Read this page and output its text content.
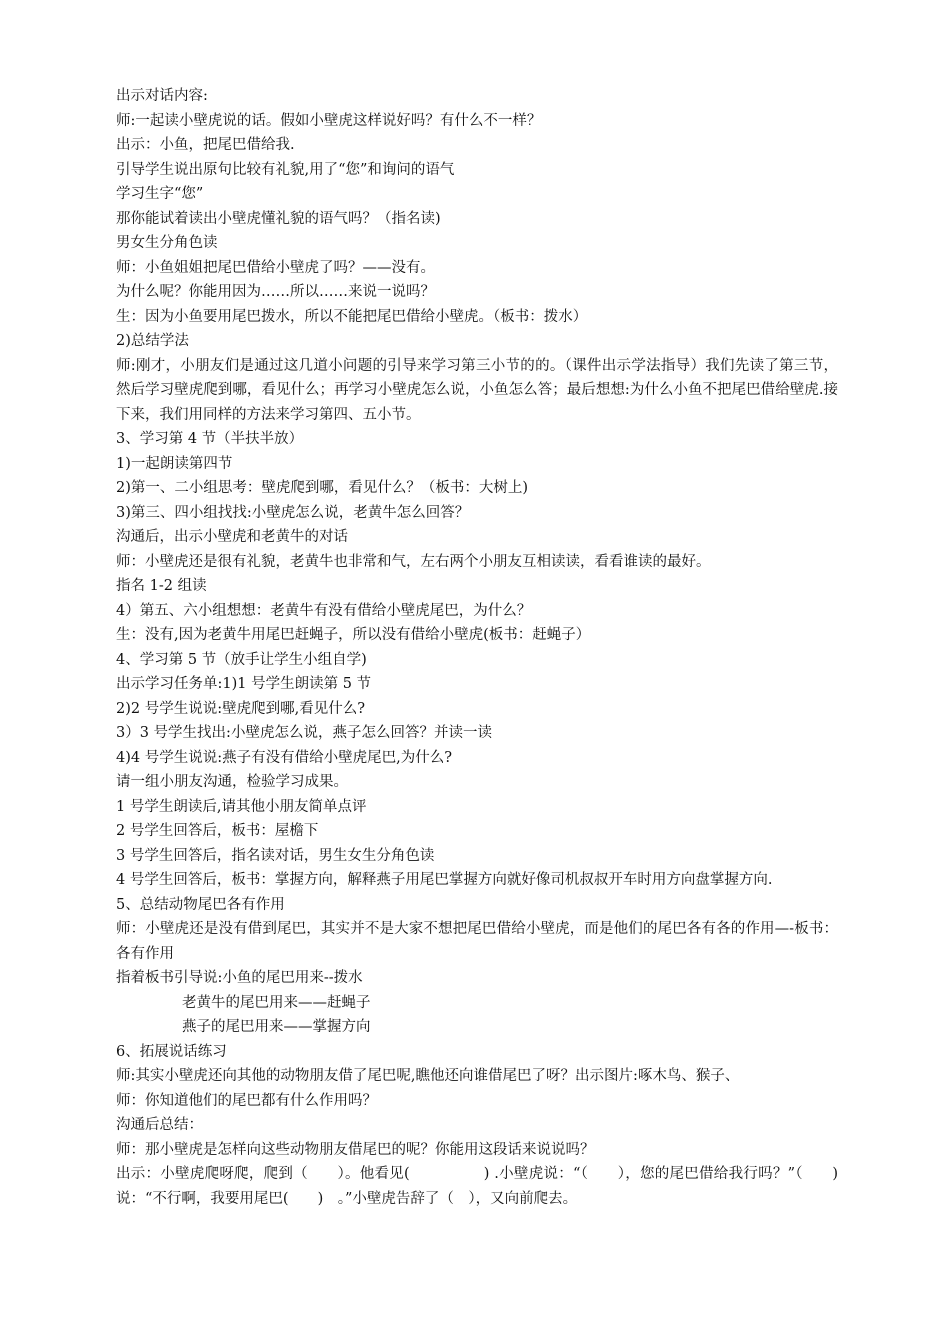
出示对话内容:
师:一起读小壁虎说的话。假如小壁虎这样说好吗？有什么不一样？
出示：小鱼，把尾巴借给我.
引导学生说出原句比较有礼貌,用了“您”和询问的语气
学习生字“您”
那你能试着读出小壁虎懂礼貌的语气吗？（指名读)
男女生分角色读
师：小鱼姐姐把尾巴借给小壁虎了吗？——没有。
为什么呢？你能用因为……所以……来说一说吗？
生：因为小鱼要用尾巴拨水，所以不能把尾巴借给小壁虎。（板书：拨水）
2)总结学法
师:刚才，小朋友们是通过这几道小问题的引导来学习第三小节的的。（课件出示学法指导）我们先读了第三节，然后学习壁虎爬到哪，看见什么；再学习小壁虎怎么说，小鱼怎么答；最后想想:为什么小鱼不把尾巴借给壁虎.接下来，我们用同样的方法来学习第四、五小节。
3、学习第 4 节（半扶半放）
1)一起朗读第四节
2)第一、二小组思考：壁虎爬到哪，看见什么？（板书：大树上)
3)第三、四小组找找:小壁虎怎么说，老黄牛怎么回答？
沟通后，出示小壁虎和老黄牛的对话
师：小壁虎还是很有礼貌，老黄牛也非常和气，左右两个小朋友互相读读，看看谁读的最好。
指名 1-2 组读
4）第五、六小组想想：老黄牛有没有借给小壁虎尾巴，为什么？
生：没有,因为老黄牛用尾巴赶蝇子，所以没有借给小壁虎(板书：赶蝇子）
4、学习第 5 节（放手让学生小组自学)
出示学习任务单:1)1 号学生朗读第 5 节
2)2 号学生说说:壁虎爬到哪,看见什么?
3）3 号学生找出:小壁虎怎么说，燕子怎么回答？并读一读
4)4 号学生说说:燕子有没有借给小壁虎尾巴,为什么?
请一组小朋友沟通，检验学习成果。
1 号学生朗读后,请其他小朋友简单点评
2 号学生回答后，板书：屋檐下
3 号学生回答后，指名读对话，男生女生分角色读
4 号学生回答后，板书：掌握方向，解释燕子用尾巴掌握方向就好像司机叔叔开车时用方向盘掌握方向.
5、总结动物尾巴各有作用
师：小壁虎还是没有借到尾巴，其实并不是大家不想把尾巴借给小壁虎，而是他们的尾巴各有各的作用—-板书：各有作用
指着板书引导说:小鱼的尾巴用来--拨水
老黄牛的尾巴用来——赶蝇子
燕子的尾巴用来——掌握方向
6、拓展说话练习
师:其实小壁虎还向其他的动物朋友借了尾巴呢,瞧他还向谁借尾巴了呀？出示图片:啄木鸟、猴子、
师：你知道他们的尾巴都有什么作用吗？
沟通后总结：
师：那小壁虎是怎样向这些动物朋友借尾巴的呢？你能用这段话来说说吗？
出示：小壁虎爬呀爬，爬到（　　）。他看见(　　　　　) .小壁虎说：“（　　），您的尾巴借给我行吗？”（　　)说：“不行啊，我要用尾巴(　　)　。”小壁虎告辞了（　），又向前爬去。
